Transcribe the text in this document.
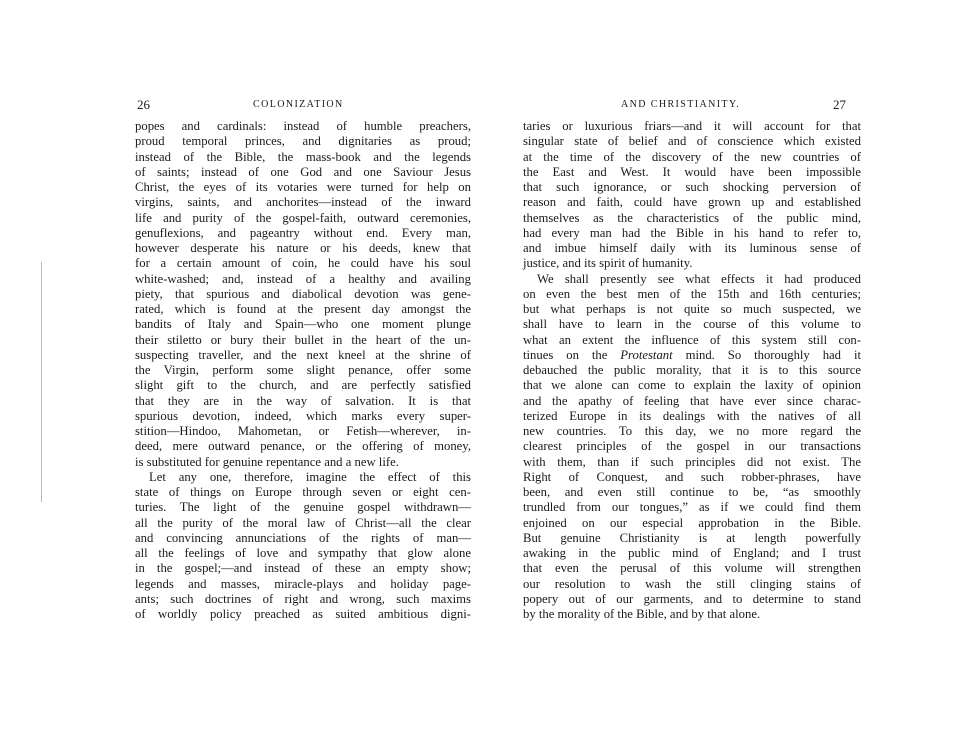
26	COLONIZATION
popes and cardinals: instead of humble preachers,
proud temporal princes, and dignitaries as proud;
instead of the Bible, the mass-book and the legends
of saints; instead of one God and one Saviour Jesus
Christ, the eyes of its votaries were turned for help on
virgins, saints, and anchorites—instead of the inward
life and purity of the gospel-faith, outward ceremonies,
genuflexions, and pageantry without end. Every man,
however desperate his nature or his deeds, knew that
for a certain amount of coin, he could have his soul
white-washed; and, instead of a healthy and availing
piety, that spurious and diabolical devotion was gene-
rated, which is found at the present day amongst the
bandits of Italy and Spain—who one moment plunge
their stiletto or bury their bullet in the heart of the un-
suspecting traveller, and the next kneel at the shrine of
the Virgin, perform some slight penance, offer some
slight gift to the church, and are perfectly satisfied
that they are in the way of salvation. It is that
spurious devotion, indeed, which marks every super-
stition—Hindoo, Mahometan, or Fetish—wherever, in-
deed, mere outward penance, or the offering of money,
is substituted for genuine repentance and a new life.
Let any one, therefore, imagine the effect of this
state of things on Europe through seven or eight cen-
turies. The light of the genuine gospel withdrawn—
all the purity of the moral law of Christ—all the clear
and convincing annunciations of the rights of man—
all the feelings of love and sympathy that glow alone
in the gospel;—and instead of these an empty show;
legends and masses, miracle-plays and holiday page-
ants; such doctrines of right and wrong, such maxims
of worldly policy preached as suited ambitious digni-
AND CHRISTIANITY.	27
taries or luxurious friars—and it will account for that
singular state of belief and of conscience which existed
at the time of the discovery of the new countries of
the East and West. It would have been impossible
that such ignorance, or such shocking perversion of
reason and faith, could have grown up and established
themselves as the characteristics of the public mind,
had every man had the Bible in his hand to refer to,
and imbue himself daily with its luminous sense of
justice, and its spirit of humanity.
We shall presently see what effects it had produced
on even the best men of the 15th and 16th centuries;
but what perhaps is not quite so much suspected, we
shall have to learn in the course of this volume to
what an extent the influence of this system still con-
tinues on the Protestant mind. So thoroughly had it
debauched the public morality, that it is to this source
that we alone can come to explain the laxity of opinion
and the apathy of feeling that have ever since charac-
terized Europe in its dealings with the natives of all
new countries. To this day, we no more regard the
clearest principles of the gospel in our transactions
with them, than if such principles did not exist. The
Right of Conquest, and such robber-phrases, have
been, and even still continue to be, “as smoothly
trundled from our tongues,” as if we could find them
enjoined on our especial approbation in the Bible.
But genuine Christianity is at length powerfully
awaking in the public mind of England; and I trust
that even the perusal of this volume will strengthen
our resolution to wash the still clinging stains of
popery out of our garments, and to determine to stand
by the morality of the Bible, and by that alone.
